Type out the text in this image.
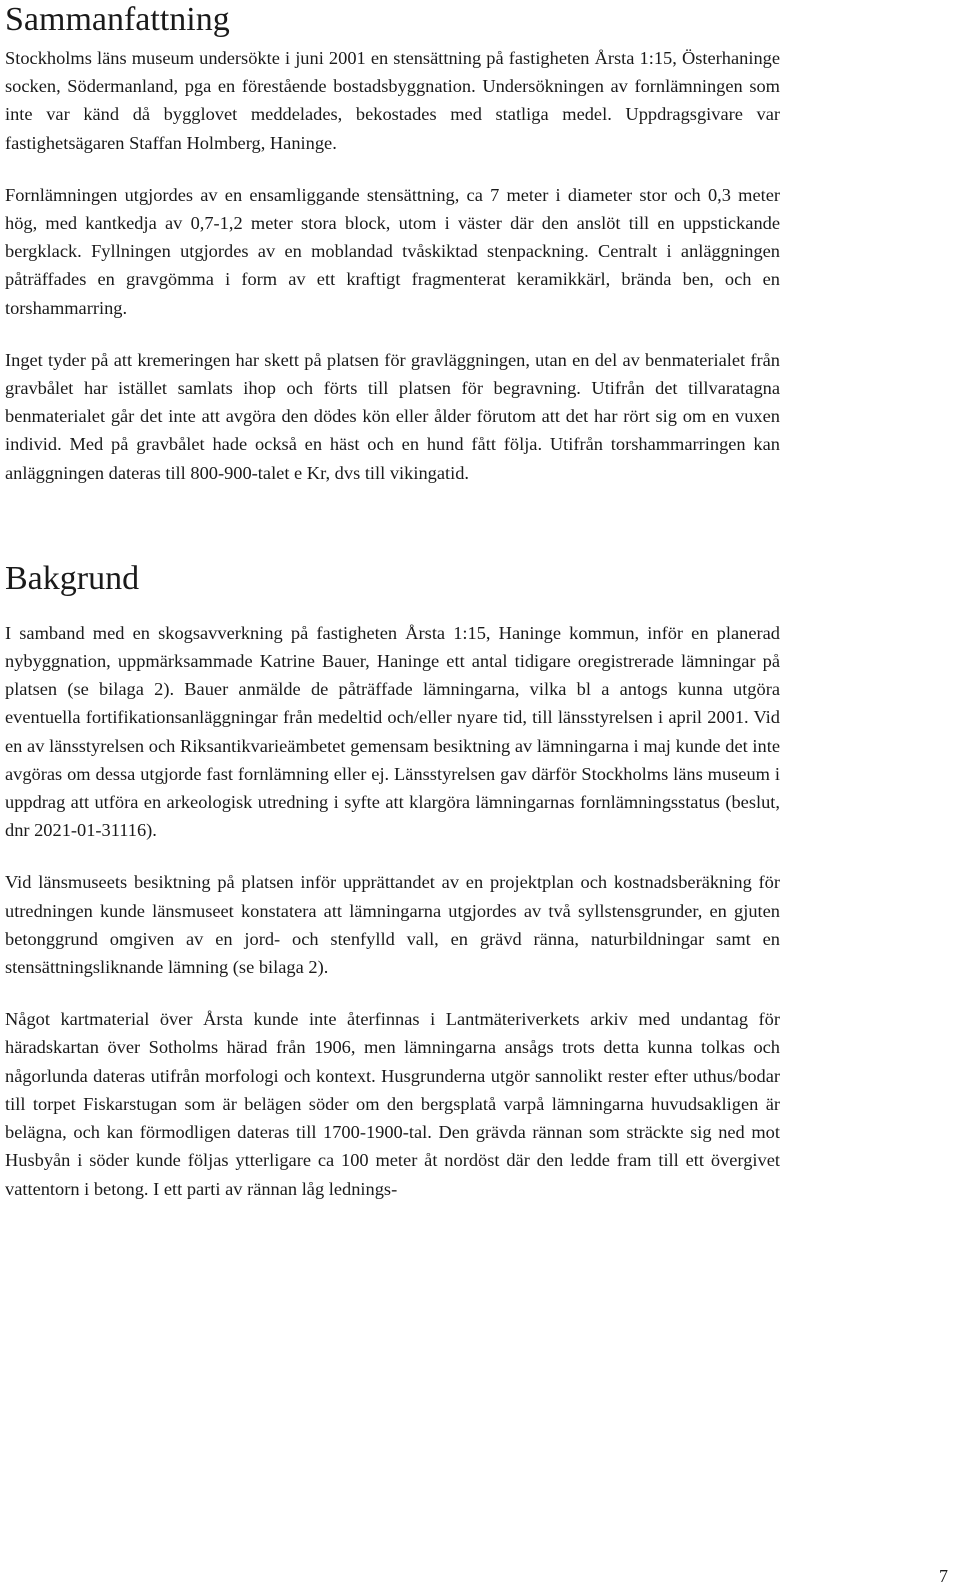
Sammanfattning

Stockholms läns museum undersökte i juni 2001 en stensättning på fastigheten Årsta 1:15, Österhaninge socken, Södermanland, pga en förestående bostadsbyggnation. Undersökningen av fornlämningen som inte var känd då bygglovet meddelades, bekostades med statliga medel. Uppdragsgivare var fastighetsägaren Staffan Holmberg, Haninge.

Fornlämningen utgjordes av en ensamliggande stensättning, ca 7 meter i diameter stor och 0,3 meter hög, med kantkedja av 0,7-1,2 meter stora block, utom i väster där den anslöt till en uppstickande bergklack. Fyllningen utgjordes av en moblandad tvåskiktad stenpackning. Centralt i anläggningen påträffades en gravgömma i form av ett kraftigt fragmenterat keramikkärl, brända ben, och en torshammarring.

Inget tyder på att kremeringen har skett på platsen för gravläggningen, utan en del av benmaterialet från gravbålet har istället samlats ihop och förts till platsen för begravning. Utifrån det tillvaratagna benmaterialet går det inte att avgöra den dödes kön eller ålder förutom att det har rört sig om en vuxen individ. Med på gravbålet hade också en häst och en hund fått följa. Utifrån torshammarringen kan anläggningen dateras till 800-900-talet e Kr, dvs till vikingatid.

Bakgrund

I samband med en skogsavverkning på fastigheten Årsta 1:15, Haninge kommun, inför en planerad nybyggnation, uppmärksammade Katrine Bauer, Haninge ett antal tidigare oregistrerade lämningar på platsen (se bilaga 2). Bauer anmälde de påträffade lämningarna, vilka bl a antogs kunna utgöra eventuella fortifikationsanläggningar från medeltid och/eller nyare tid, till länsstyrelsen i april 2001. Vid en av länsstyrelsen och Riksantikvarieämbetet gemensam besiktning av lämningarna i maj kunde det inte avgöras om dessa utgjorde fast fornlämning eller ej. Länsstyrelsen gav därför Stockholms läns museum i uppdrag att utföra en arkeologisk utredning i syfte att klargöra lämningarnas fornlämningsstatus (beslut, dnr 2021-01-31116).

Vid länsmuseets besiktning på platsen inför upprättandet av en projektplan och kostnadsberäkning för utredningen kunde länsmuseet konstatera att lämningarna utgjordes av två syllstensgrunder, en gjuten betonggrund omgiven av en jord- och stenfylld vall, en grävd ränna, naturbildningar samt en stensättningsliknande lämning (se bilaga 2).

Något kartmaterial över Årsta kunde inte återfinnas i Lantmäteriverkets arkiv med undantag för häradskartan över Sotholms härad från 1906, men lämningarna ansågs trots detta kunna tolkas och någorlunda dateras utifrån morfologi och kontext. Husgrunderna utgör sannolikt rester efter uthus/bodar till torpet Fiskarstugan som är belägen söder om den bergsplatå varpå lämningarna huvudsakligen är belägna, och kan förmodligen dateras till 1700-1900-tal. Den grävda rännan som sträckte sig ned mot Husbyån i söder kunde följas ytterligare ca 100 meter åt nordöst där den ledde fram till ett övergivet vattentorn i betong. I ett parti av rännan låg lednings-

7
